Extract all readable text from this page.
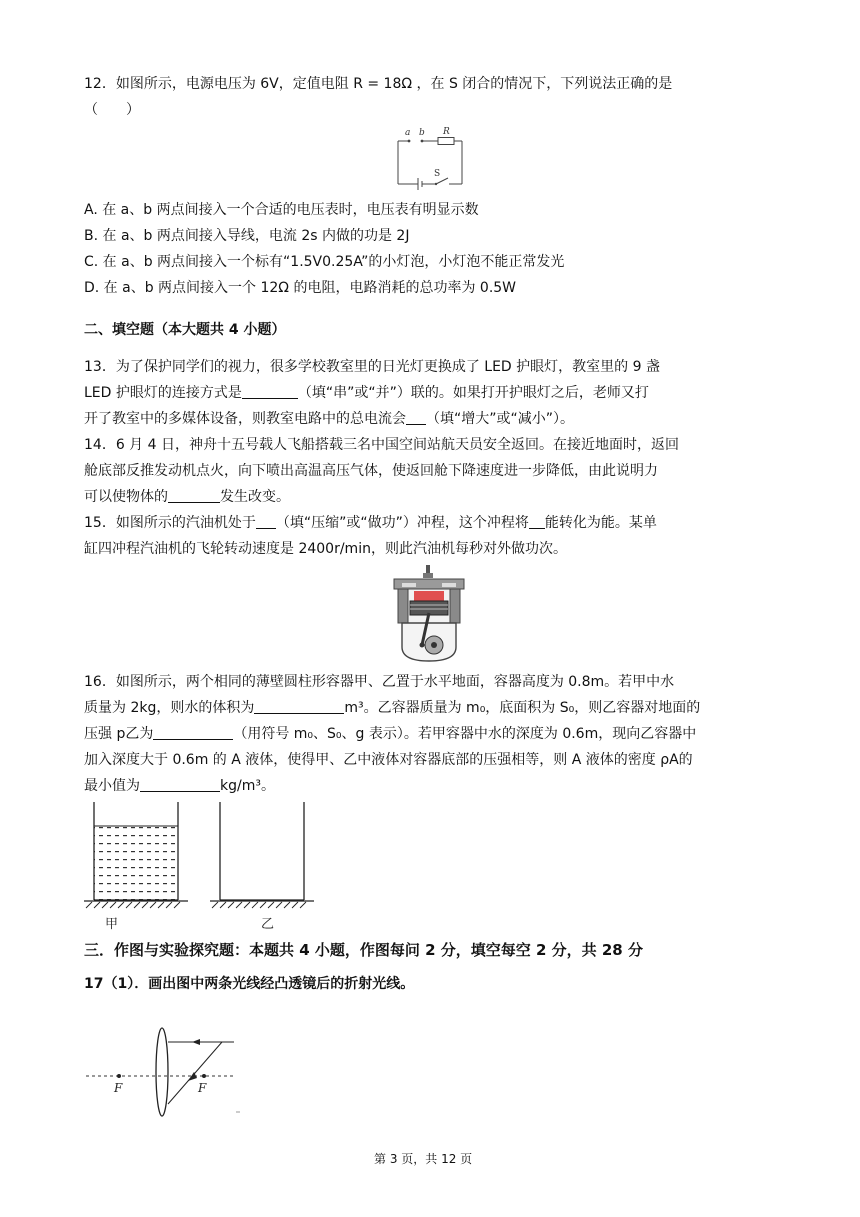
12．如图所示，电源电压为 6V，定值电阻 R = 18Ω ，在 S 闭合的情况下，下列说法正确的是
（　　）
a b R
S
A. 在 a、b 两点间接入一个合适的电压表时，电压表有明显示数
B. 在 a、b 两点间接入导线，电流 2s 内做的功是 2J
C. 在 a、b 两点间接入一个标有“1.5V0.25A”的小灯泡，小灯泡不能正常发光
D. 在 a、b 两点间接入一个 12Ω 的电阻，电路消耗的总功率为 0.5W
二、填空题（本大题共 4 小题）
13．为了保护同学们的视力，很多学校教室里的日光灯更换成了 LED 护眼灯，教室里的 9 盏
LED 护眼灯的连接方式是	（填“串”或“并”）联的。如果打开护眼灯之后，老师又打
开了教室中的多媒体设备，则教室电路中的总电流会 （填“增大”或“减小”）。
14．6 月 4 日，神舟十五号载人飞船搭载三名中国空间站航天员安全返回。在接近地面时，返回
舱底部反推发动机点火，向下喷出高温高压气体，使返回舱下降速度进一步降低，由此说明力
可以使物体的	发生改变。
15．如图所示的汽油机处于 （填“压缩”或“做功”）冲程，这个冲程将 能转化为能。某单
缸四冲程汽油机的飞轮转动速度是 2400r/min，则此汽油机每秒对外做功次。
16．如图所示，两个相同的薄壁圆柱形容器甲、乙置于水平地面，容器高度为 0.8m。若甲中水
质量为 2kg，则水的体积为	m³。乙容器质量为 m₀，底面积为 S₀，则乙容器对地面的
压强 p乙为	（用符号 m₀、S₀、g 表示）。若甲容器中水的深度为 0.6m，现向乙容器中
加入深度大于 0.6m 的 A 液体，使得甲、乙中液体对容器底部的压强相等，则 A 液体的密度 ρA的
最小值为	kg/m³。
甲	乙
三．作图与实验探究题：本题共 4 小题，作图每问 2 分，填空每空 2 分，共 28 分
17（1）．画出图中两条光线经凸透镜后的折射光线。
F	F
第 3 页，共 12 页
